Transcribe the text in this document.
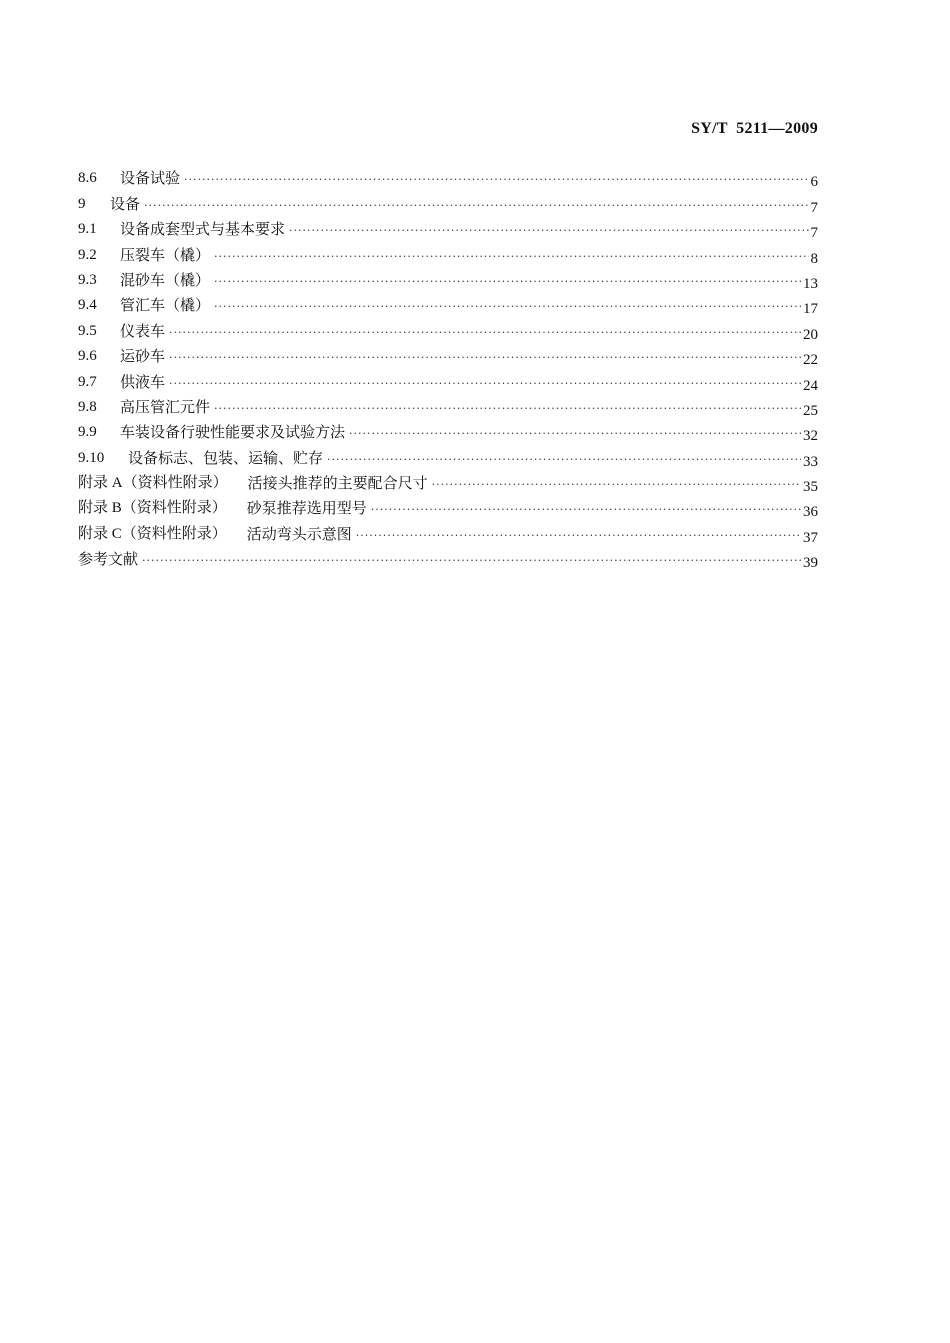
SY/T  5211—2009
8.6	设备试验 ·····	6
9	设备 ·····	7
9.1	设备成套型式与基本要求 ·····	7
9.2	压裂车（橇） ·····	8
9.3	混砂车（橇） ·····	13
9.4	管汇车（橇） ·····	17
9.5	仪表车 ·····	20
9.6	运砂车 ·····	22
9.7	供液车 ·····	24
9.8	高压管汇元件 ·····	25
9.9	车装设备行驶性能要求及试验方法 ·····	32
9.10	设备标志、包装、运输、贮存 ·····	33
附录 A（资料性附录） 活接头推荐的主要配合尺寸 ·····	35
附录 B（资料性附录） 砂泵推荐选用型号 ·····	36
附录 C（资料性附录） 活动弯头示意图 ·····	37
参考文献 ·····	39
